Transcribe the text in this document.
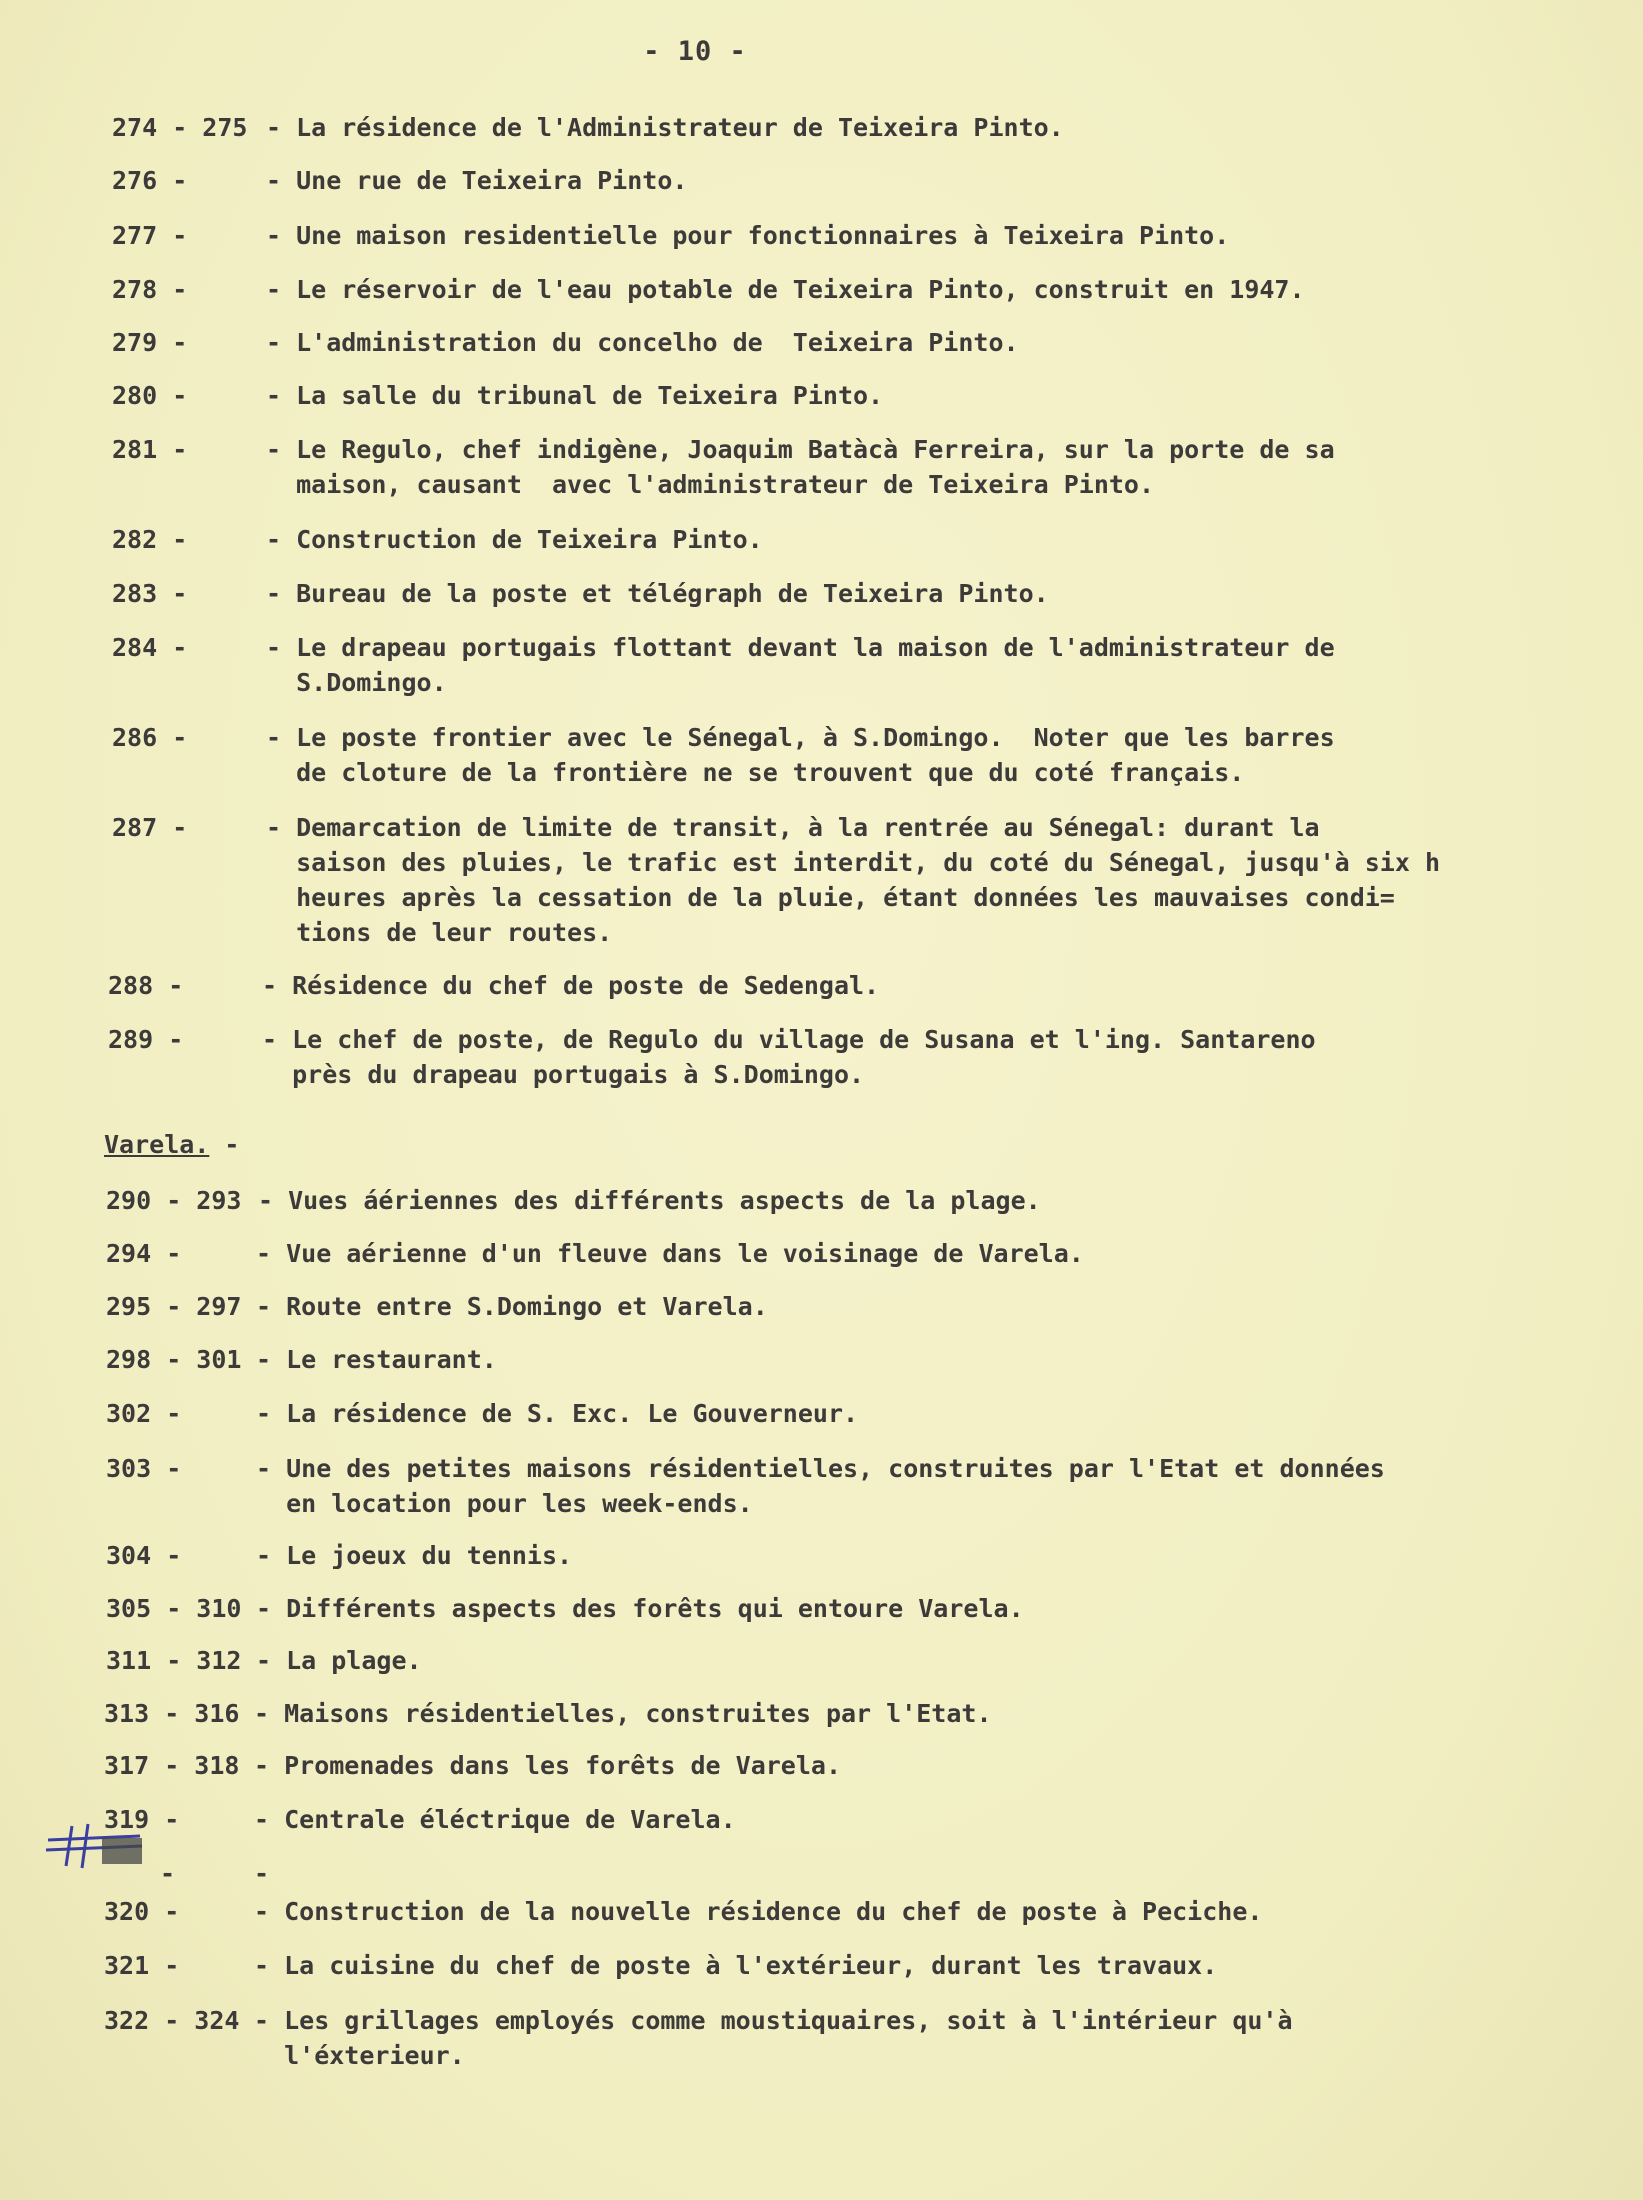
- 10 -
274 - 275 - La résidence de l'Administrateur de Teixeira Pinto.
276 -	- Une rue de Teixeira Pinto.
277 -	- Une maison residentielle pour fonctionnaires à Teixeira Pinto.
278 -	- Le réservoir de l'eau potable de Teixeira Pinto, construit en 1947.
279 -	- L'administration du concelho de  Teixeira Pinto.
280 -	- La salle du tribunal de Teixeira Pinto.
281 -	- Le Regulo, chef indigène, Joaquim Batàcà Ferreira, sur la porte de sa
maison, causant  avec l'administrateur de Teixeira Pinto.
282 -	- Construction de Teixeira Pinto.
283 -	- Bureau de la poste et télégraph de Teixeira Pinto.
284 -	- Le drapeau portugais flottant devant la maison de l'administrateur de
S.Domingo.
286 -	- Le poste frontier avec le Sénegal, à S.Domingo.  Noter que les barres
de cloture de la frontière ne se trouvent que du coté français.
287 -	- Demarcation de limite de transit, à la rentrée au Sénegal: durant la
saison des pluies, le trafic est interdit, du coté du Sénegal, jusqu'à six h
heures après la cessation de la pluie, étant données les mauvaises condi=
tions de leur routes.
288 -	- Résidence du chef de poste de Sedengal.
289 -	- Le chef de poste, de Regulo du village de Susana et l'ing. Santareno
près du drapeau portugais à S.Domingo.
Varela. -
290 - 293 - Vues áériennes des différents aspects de la plage.
294 -	- Vue aérienne d'un fleuve dans le voisinage de Varela.
295 - 297 - Route entre S.Domingo et Varela.
298 - 301 - Le restaurant.
302 -	- La résidence de S. Exc. Le Gouverneur.
303 -	- Une des petites maisons résidentielles, construites par l'Etat et données
en location pour les week-ends.
304 -	- Le joeux du tennis.
305 - 310 - Différents aspects des forêts qui entoure Varela.
311 - 312 - La plage.
313 - 316 - Maisons résidentielles, construites par l'Etat.
317 - 318 - Promenades dans les forêts de Varela.
319 -	- Centrale éléctrique de Varela.
-	-
320 -	- Construction de la nouvelle résidence du chef de poste à Peciche.
321 -	- La cuisine du chef de poste à l'extérieur, durant les travaux.
322 - 324 - Les grillages employés comme moustiquaires, soit à l'intérieur qu'à
l'éxterieur.
